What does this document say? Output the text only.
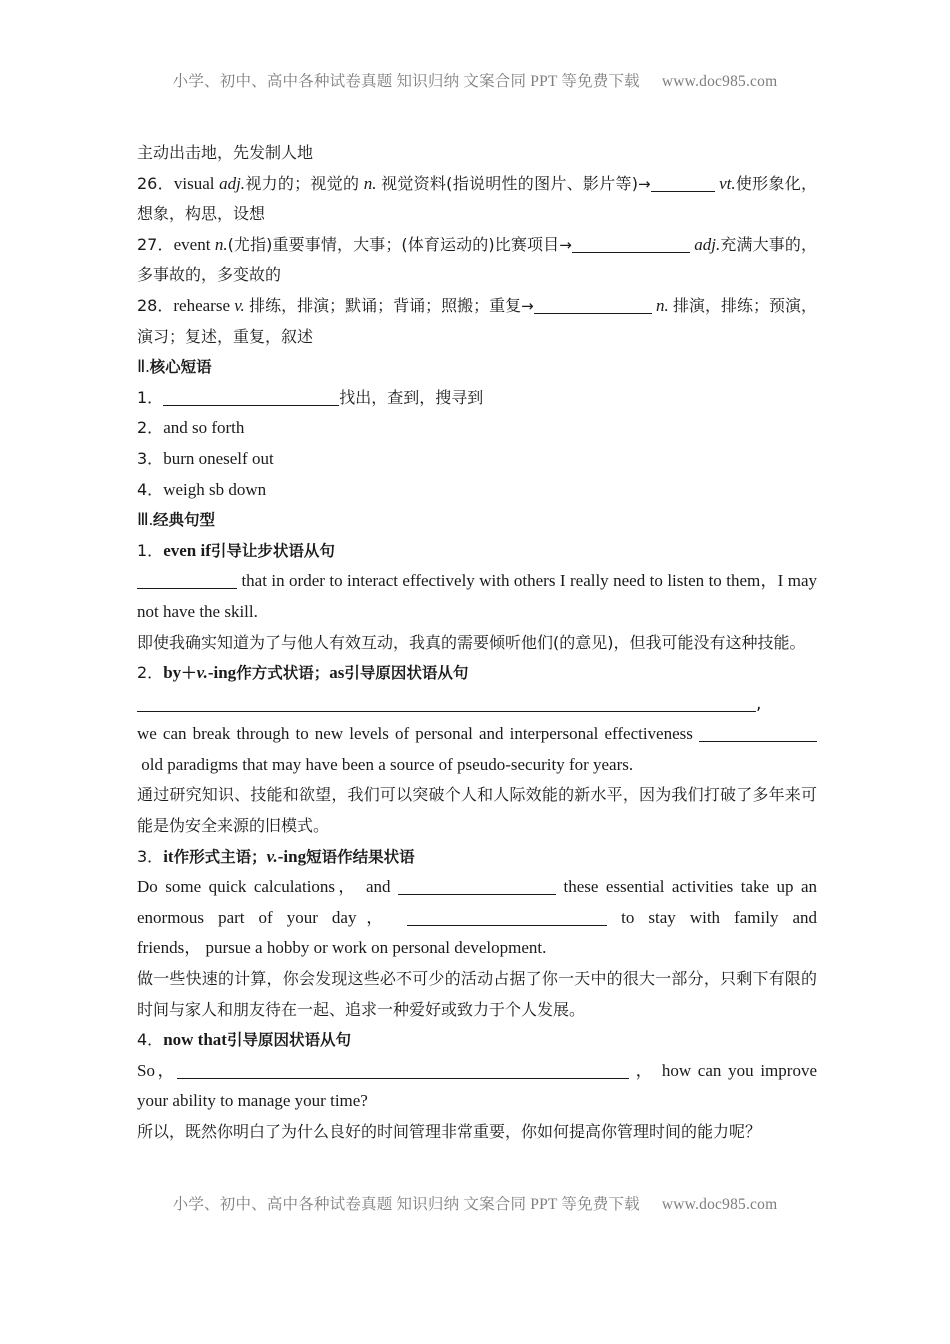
小学、初中、高中各种试卷真题 知识归纳 文案合同 PPT 等免费下载 www.doc985.com
主动出击地，先发制人地
26．visual adj.视力的；视觉的 n. 视觉资料(指说明性的图片、影片等)→	vt.使形象化，想象，构思，设想
27．event n.(尤指)重要事情，大事；(体育运动的)比赛项目→	adj.充满大事的，多事故的，多变故的
28．rehearse v. 排练，排演；默诵；背诵；照搬；重复→	n. 排演，排练；预演，演习；复述，重复，叙述
Ⅱ.核心短语
1．	找出，查到，搜寻到
2．and so forth
3．burn oneself out
4．weigh sb down
Ⅲ.经典句型
1．even if引导让步状语从句
that in order to interact effectively with others I really need to listen to them，I may not have the skill.
即使我确实知道为了与他人有效互动，我真的需要倾听他们(的意见)，但我可能没有这种技能。
2．by＋v.-ing作方式状语；as引导原因状语从句
,
we can break through to new levels of personal and interpersonal effectiveness  old paradigms that may have been a source of pseudo-security for years.
通过研究知识、技能和欲望，我们可以突破个人和人际效能的新水平，因为我们打破了多年来可能是伪安全来源的旧模式。
3．it作形式主语；v.-ing短语作结果状语
Do some quick calculations， and	these essential activities take up an enormous part of your day，	to stay with family and friends， pursue a hobby or work on personal development.
做一些快速的计算，你会发现这些必不可少的活动占据了你一天中的很大一部分，只剩下有限的时间与家人和朋友待在一起、追求一种爱好或致力于个人发展。
4．now that引导原因状语从句
So，	， how can you improve your ability to manage your time?
所以，既然你明白了为什么良好的时间管理非常重要，你如何提高你管理时间的能力呢？
小学、初中、高中各种试卷真题 知识归纳 文案合同 PPT 等免费下载 www.doc985.com
